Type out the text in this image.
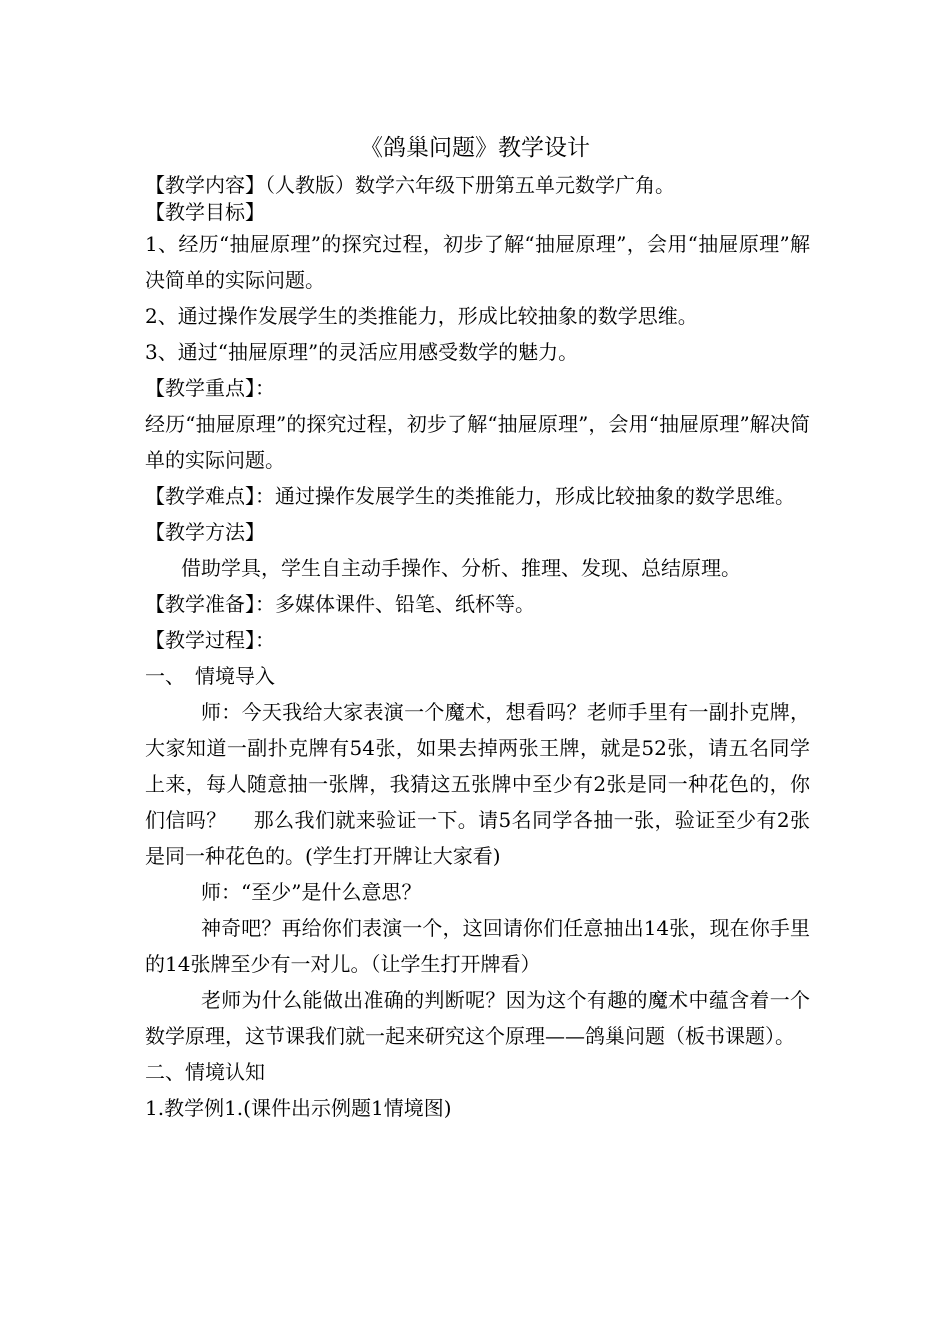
《鸽巢问题》教学设计

【教学内容】（人教版）数学六年级下册第五单元数学广角。

【教学目标】

1、经历“抽屉原理”的探究过程，初步了解“抽屉原理”，会用“抽屉原理”解决简单的实际问题。

2、通过操作发展学生的类推能力，形成比较抽象的数学思维。

3、通过“抽屉原理”的灵活应用感受数学的魅力。

【教学重点】：

经历“抽屉原理”的探究过程，初步了解“抽屉原理”，会用“抽屉原理”解决简单的实际问题。

【教学难点】：通过操作发展学生的类推能力，形成比较抽象的数学思维。

【教学方法】

借助学具，学生自主动手操作、分析、推理、发现、总结原理。

【教学准备】：多媒体课件、铅笔、纸杯等。

【教学过程】：

一、　情境导入

师：今天我给大家表演一个魔术，想看吗？老师手里有一副扑克牌，大家知道一副扑克牌有54张，如果去掉两张王牌，就是52张，请五名同学上来，每人随意抽一张牌，我猜这五张牌中至少有2张是同一种花色的，你们信吗？　 那么我们就来验证一下。请5名同学各抽一张，验证至少有2张是同一种花色的。(学生打开牌让大家看)

师：“至少”是什么意思？

神奇吧？再给你们表演一个，这回请你们任意抽出14张，现在你手里的14张牌至少有一对儿。（让学生打开牌看）

老师为什么能做出准确的判断呢？因为这个有趣的魔术中蕴含着一个数学原理，这节课我们就一起来研究这个原理——鸽巢问题（板书课题）。

二、情境认知

1.教学例1.(课件出示例题1情境图)
